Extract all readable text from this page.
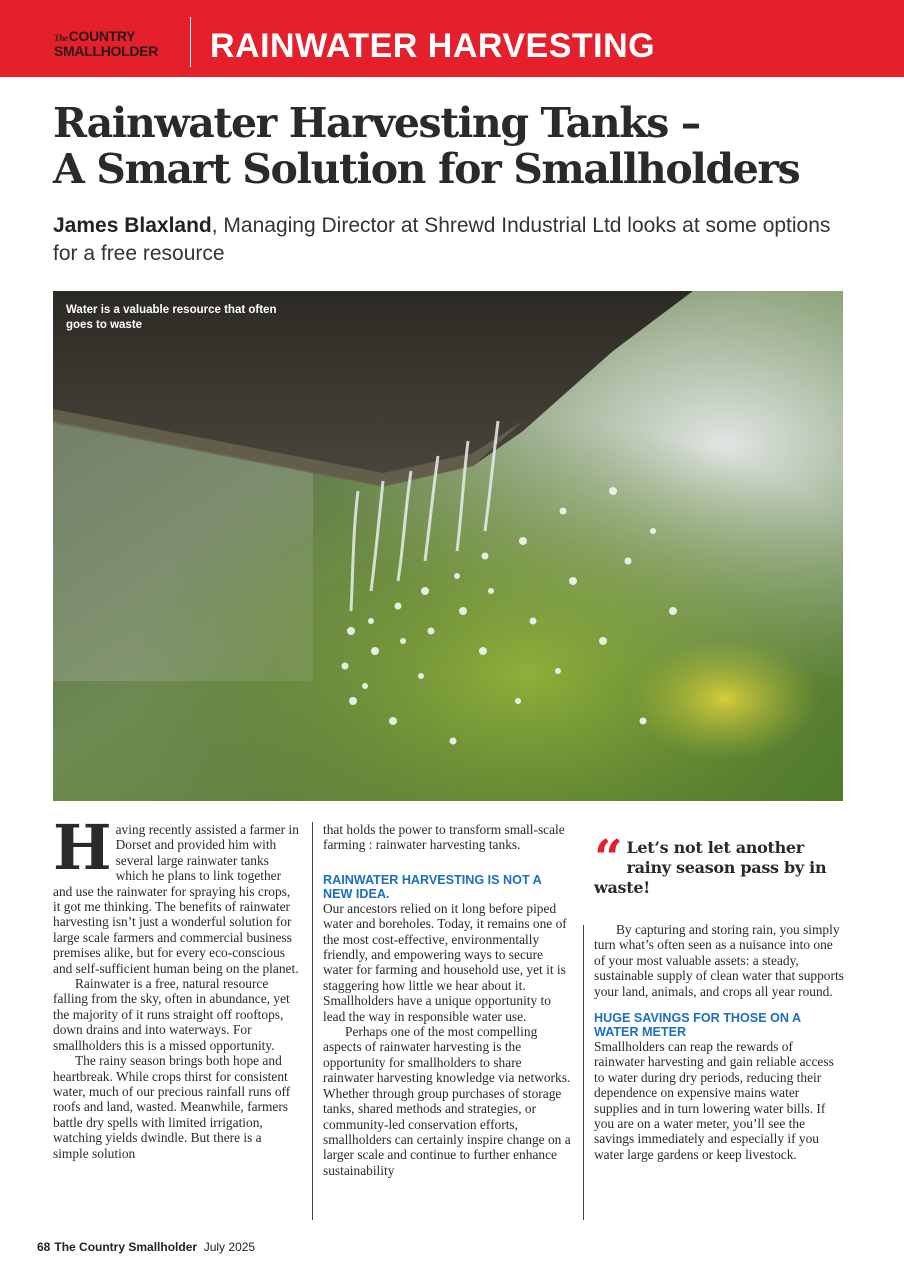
TheCOUNTRY
SMALLHOLDER	RAINWATER HARVESTING
Rainwater Harvesting Tanks –
A Smart Solution for Smallholders

James Blaxland, Managing Director at Shrewd Industrial Ltd looks at some options for a free resource

Water is a valuable resource that often goes to waste

Having recently assisted a farmer in Dorset and provided him with several large rainwater tanks which he plans to link together and use the rainwater for spraying his crops, it got me thinking. The benefits of rainwater harvesting isn’t just a wonderful solution for large scale farmers and commercial business premises alike, but for every eco-conscious and self-sufficient human being on the planet.

Rainwater is a free, natural resource falling from the sky, often in abundance, yet the majority of it runs straight off rooftops, down drains and into waterways. For smallholders this is a missed opportunity.

The rainy season brings both hope and heartbreak. While crops thirst for consistent water, much of our precious rainfall runs off roofs and land, wasted. Meanwhile, farmers battle dry spells with limited irrigation, watching yields dwindle. But there is a simple solution

that holds the power to transform small-scale farming : rainwater harvesting tanks.

RAINWATER HARVESTING IS NOT A NEW IDEA.

Our ancestors relied on it long before piped water and boreholes. Today, it remains one of the most cost-effective, environmentally friendly, and empowering ways to secure water for farming and household use, yet it is staggering how little we hear about it. Smallholders have a unique opportunity to lead the way in responsible water use.

Perhaps one of the most compelling aspects of rainwater harvesting is the opportunity for smallholders to share rainwater harvesting knowledge via networks. Whether through group purchases of storage tanks, shared methods and strategies, or community-led conservation efforts, smallholders can certainly inspire change on a larger scale and continue to further enhance sustainability

“ Let’s not let another rainy season pass by in waste!

By capturing and storing rain, you simply turn what’s often seen as a nuisance into one of your most valuable assets: a steady, sustainable supply of clean water that supports your land, animals, and crops all year round.

HUGE SAVINGS FOR THOSE ON A WATER METER

Smallholders can reap the rewards of rainwater harvesting and gain reliable access to water during dry periods, reducing their dependence on expensive mains water supplies and in turn lowering water bills. If you are on a water meter, you’ll see the savings immediately and especially if you water large gardens or keep livestock.

68 The Country Smallholder July 2025
